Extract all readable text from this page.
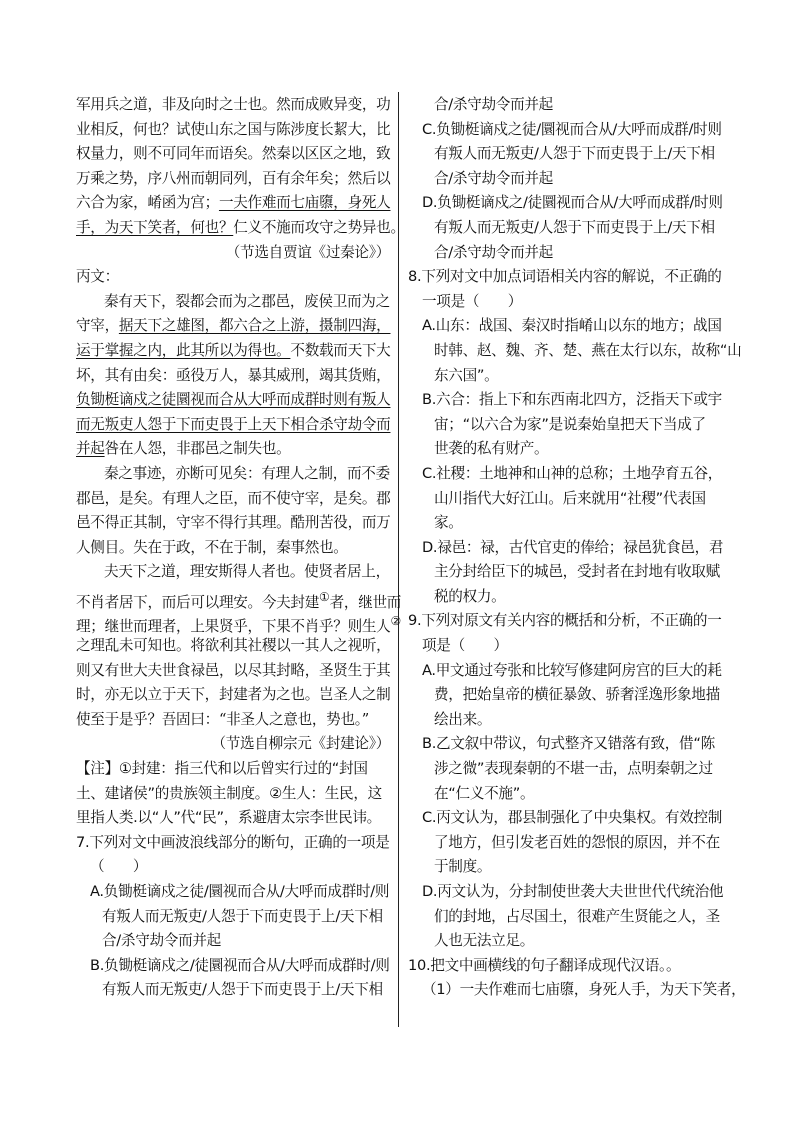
军用兵之道，非及向时之士也。然而成败异变，功
业相反，何也？试使山东之国与陈涉度长絜大，比
权量力，则不可同年而语矣。然秦以区区之地，致
万乘之势，序八州而朝同列，百有余年矣；然后以
六合为家，崤函为宫；一夫作难而七庙隳，身死人
手，为天下笑者，何也？仁义不施而攻守之势异也。
（节选自贾谊《过秦论》）
丙文：
秦有天下，裂都会而为之郡邑，废侯卫而为之
守宰，据天下之雄图，都六合之上游，摄制四海，
运于掌握之内，此其所以为得也。不数载而天下大
坏，其有由矣：亟役万人，暴其威刑，竭其货贿，
负锄梃谪戍之徒圜视而合从大呼而成群时则有叛人
而无叛吏人怨于下而吏畏于上天下相合杀守劫令而
并起咎在人怨，非郡邑之制失也。
秦之事迹，亦断可见矣：有理人之制，而不委
郡邑，是矣。有理人之臣，而不使守宰，是矣。郡
邑不得正其制，守宰不得行其理。酷刑苦役，而万
人侧目。失在于政，不在于制，秦事然也。
夫天下之道，理安斯得人者也。使贤者居上，
不肖者居下，而后可以理安。今夫封建①者，继世而
理；继世而理者，上果贤乎，下果不肖乎？则生人②
之理乱未可知也。将欲利其社稷以一其人之视听，
则又有世大夫世食禄邑，以尽其封略，圣贤生于其
时，亦无以立于天下，封建者为之也。岂圣人之制
使至于是乎？吾固曰：“非圣人之意也，势也。”
（节选自柳宗元《封建论》）
【注】①封建：指三代和以后曾实行过的“封国
土、建诸侯”的贵族领主制度。②生人：生民，这
里指人类.以“人”代“民”，系避唐太宗李世民讳。
7.下列对文中画波浪线部分的断句，正确的一项是
（　　）
A.负锄梃谪戍之徒/圜视而合从/大呼而成群时/则
有叛人而无叛吏/人怨于下而吏畏于上/天下相
合/杀守劫令而并起
B.负锄梃谪戍之/徒圜视而合从/大呼而成群时/则
有叛人而无叛吏/人怨于下而吏畏于上/天下相
合/杀守劫令而并起
C.负锄梃谪戍之徒/圜视而合从/大呼而成群/时则
有叛人而无叛吏/人怨于下而吏畏于上/天下相
合/杀守劫令而并起
D.负锄梃谪戍之/徒圜视而合从/大呼而成群/时则
有叛人而无叛吏/人怨于下而吏畏于上/天下相
合/杀守劫令而并起
8.下列对文中加点词语相关内容的解说，不正确的
一项是（　　）
A.山东：战国、秦汉时指崤山以东的地方；战国
时韩、赵、魏、齐、楚、燕在太行以东，故称“山
东六国”。
B.六合：指上下和东西南北四方，泛指天下或宇
宙；“以六合为家”是说秦始皇把天下当成了
世袭的私有财产。
C.社稷：土地神和山神的总称；土地孕育五谷，
山川指代大好江山。后来就用“社稷”代表国
家。
D.禄邑：禄，古代官吏的俸给；禄邑犹食邑，君
主分封给臣下的城邑，受封者在封地有收取赋
税的权力。
9.下列对原文有关内容的概括和分析，不正确的一
项是（　　）
A.甲文通过夸张和比较写修建阿房宫的巨大的耗
费，把始皇帝的横征暴敛、骄奢淫逸形象地描
绘出来。
B.乙文叙中带议，句式整齐又错落有致，借“陈
涉之微”表现秦朝的不堪一击，点明秦朝之过
在“仁义不施”。
C.丙文认为，郡县制强化了中央集权。有效控制
了地方，但引发老百姓的怨恨的原因，并不在
于制度。
D.丙文认为，分封制使世袭大夫世世代代统治他
们的封地，占尽国土，很难产生贤能之人，圣
人也无法立足。
10.把文中画横线的句子翻译成现代汉语。。
（1）一夫作难而七庙隳，身死人手，为天下笑者，
